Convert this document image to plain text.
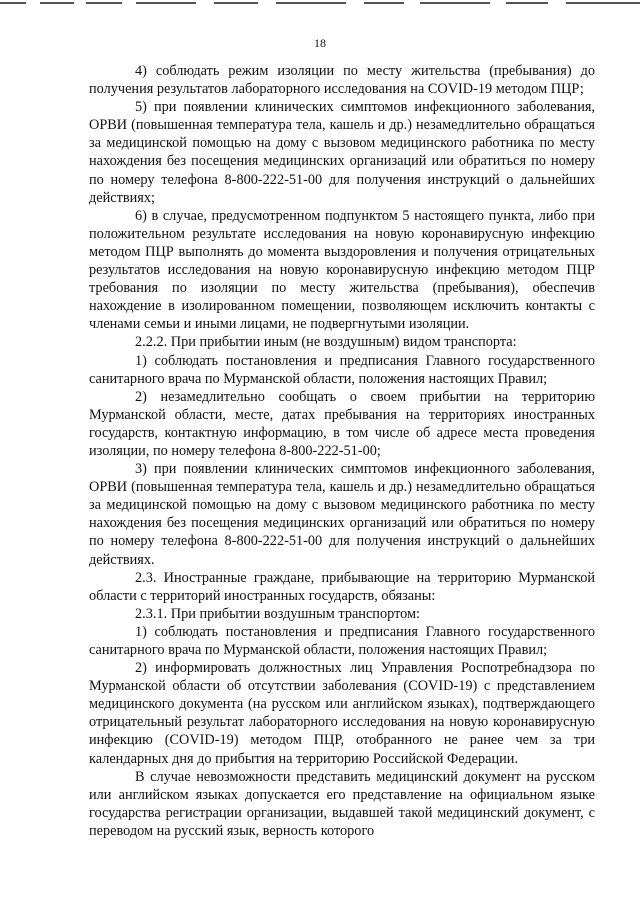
18

4) соблюдать режим изоляции по месту жительства (пребывания) до получения результатов лабораторного исследования на COVID-19 методом ПЦР;

5) при появлении клинических симптомов инфекционного заболевания, ОРВИ (повышенная температура тела, кашель и др.) незамедлительно обращаться за медицинской помощью на дому с вызовом медицинского работника по месту нахождения без посещения медицинских организаций или обратиться по номеру по номеру телефона 8-800-222-51-00 для получения инструкций о дальнейших действиях;

6) в случае, предусмотренном подпунктом 5 настоящего пункта, либо при положительном результате исследования на новую коронавирусную инфекцию методом ПЦР выполнять до момента выздоровления и получения отрицательных результатов исследования на новую коронавирусную инфекцию методом ПЦР требования по изоляции по месту жительства (пребывания), обеспечив нахождение в изолированном помещении, позволяющем исключить контакты с членами семьи и иными лицами, не подвергнутыми изоляции.

2.2.2. При прибытии иным (не воздушным) видом транспорта:

1) соблюдать постановления и предписания Главного государственного санитарного врача по Мурманской области, положения настоящих Правил;

2) незамедлительно сообщать о своем прибытии на территорию Мурманской области, месте, датах пребывания на территориях иностранных государств, контактную информацию, в том числе об адресе места проведения изоляции, по номеру телефона 8-800-222-51-00;

3) при появлении клинических симптомов инфекционного заболевания, ОРВИ (повышенная температура тела, кашель и др.) незамедлительно обращаться за медицинской помощью на дому с вызовом медицинского работника по месту нахождения без посещения медицинских организаций или обратиться по номеру по номеру телефона 8-800-222-51-00 для получения инструкций о дальнейших действиях.

2.3. Иностранные граждане, прибывающие на территорию Мурманской области с территорий иностранных государств, обязаны:

2.3.1. При прибытии воздушным транспортом:

1) соблюдать постановления и предписания Главного государственного санитарного врача по Мурманской области, положения настоящих Правил;

2) информировать должностных лиц Управления Роспотребнадзора по Мурманской области об отсутствии заболевания (COVID-19) с представлением медицинского документа (на русском или английском языках), подтверждающего отрицательный результат лабораторного исследования на новую коронавирусную инфекцию (COVID-19) методом ПЦР, отобранного не ранее чем за три календарных дня до прибытия на территорию Российской Федерации.

В случае невозможности представить медицинский документ на русском или английском языках допускается его представление на официальном языке государства регистрации организации, выдавшей такой медицинский документ, с переводом на русский язык, верность которого
